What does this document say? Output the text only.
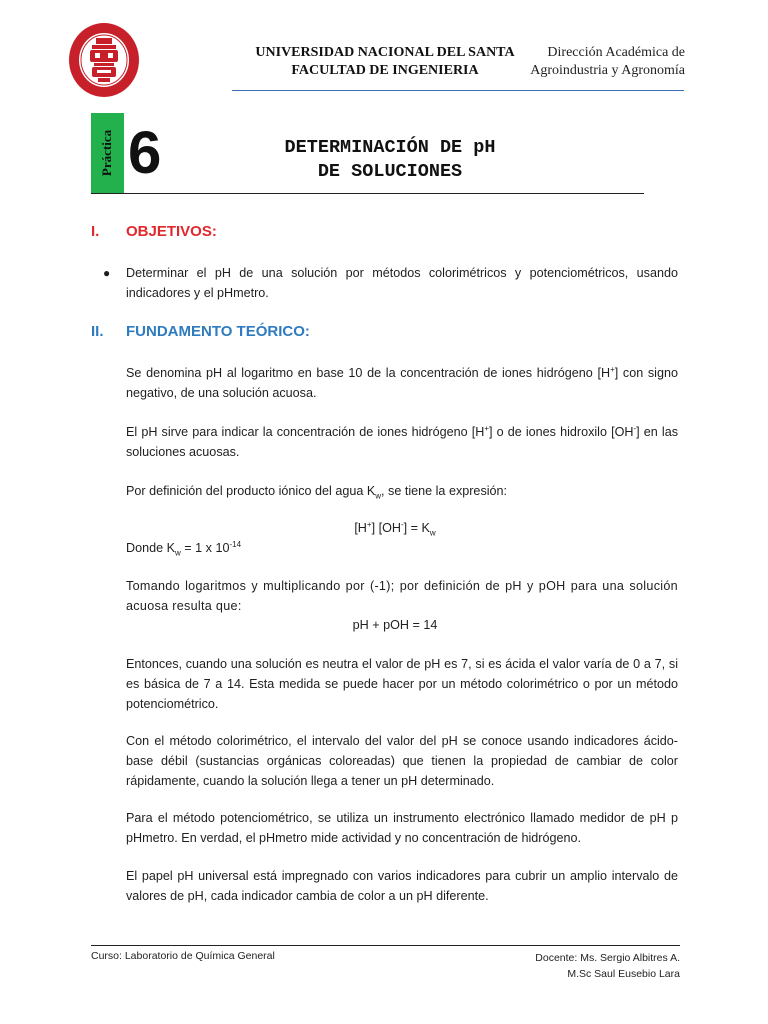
UNIVERSIDAD NACIONAL DEL SANTA
FACULTAD DE INGENIERIA
Dirección Académica de
Agroindustria y Agronomía
Práctica 6	DETERMINACIÓN DE pH
DE SOLUCIONES
I. OBJETIVOS:
● Determinar el pH de una solución por métodos colorimétricos y potenciométricos, usando indicadores y el pHmetro.
II. FUNDAMENTO TEÓRICO:
Se denomina pH al logaritmo en base 10 de la concentración de iones hidrógeno [H+] con signo negativo, de una solución acuosa.
El pH sirve para indicar la concentración de iones hidrógeno [H+] o de iones hidroxilo [OH-] en las soluciones acuosas.
Por definición del producto iónico del agua $K_w$, se tiene la expresión:
[H+] $[OH^-] = K_w$
Donde $K_w = 1$ x $10^{-14}$
Tomando logaritmos y multiplicando por (-1); por definición de pH y pOH para una solución acuosa resulta que:
pH + pOH = 14
Entonces, cuando una solución es neutra el valor de pH es 7, si es ácida el valor varía de 0 a 7, si es básica de 7 a 14. Esta medida se puede hacer por un método colorimétrico o por un método potenciométrico.
Con el método colorimétrico, el intervalo del valor del pH se conoce usando indicadores ácido-base débil (sustancias orgánicas coloreadas) que tienen la propiedad de cambiar de color rápidamente, cuando la solución llega a tener un pH determinado.
Para el método potenciométrico, se utiliza un instrumento electrónico llamado medidor de pH p pHmetro. En verdad, el pHmetro mide actividad y no concentración de hidrógeno.
El papel pH universal está impregnado con varios indicadores para cubrir un amplio intervalo de valores de pH, cada indicador cambia de color a un pH diferente.
Curso: Laboratorio de Química General	Docente: Ms. Sergio Albitres A.
M.Sc Saul Eusebio Lara
